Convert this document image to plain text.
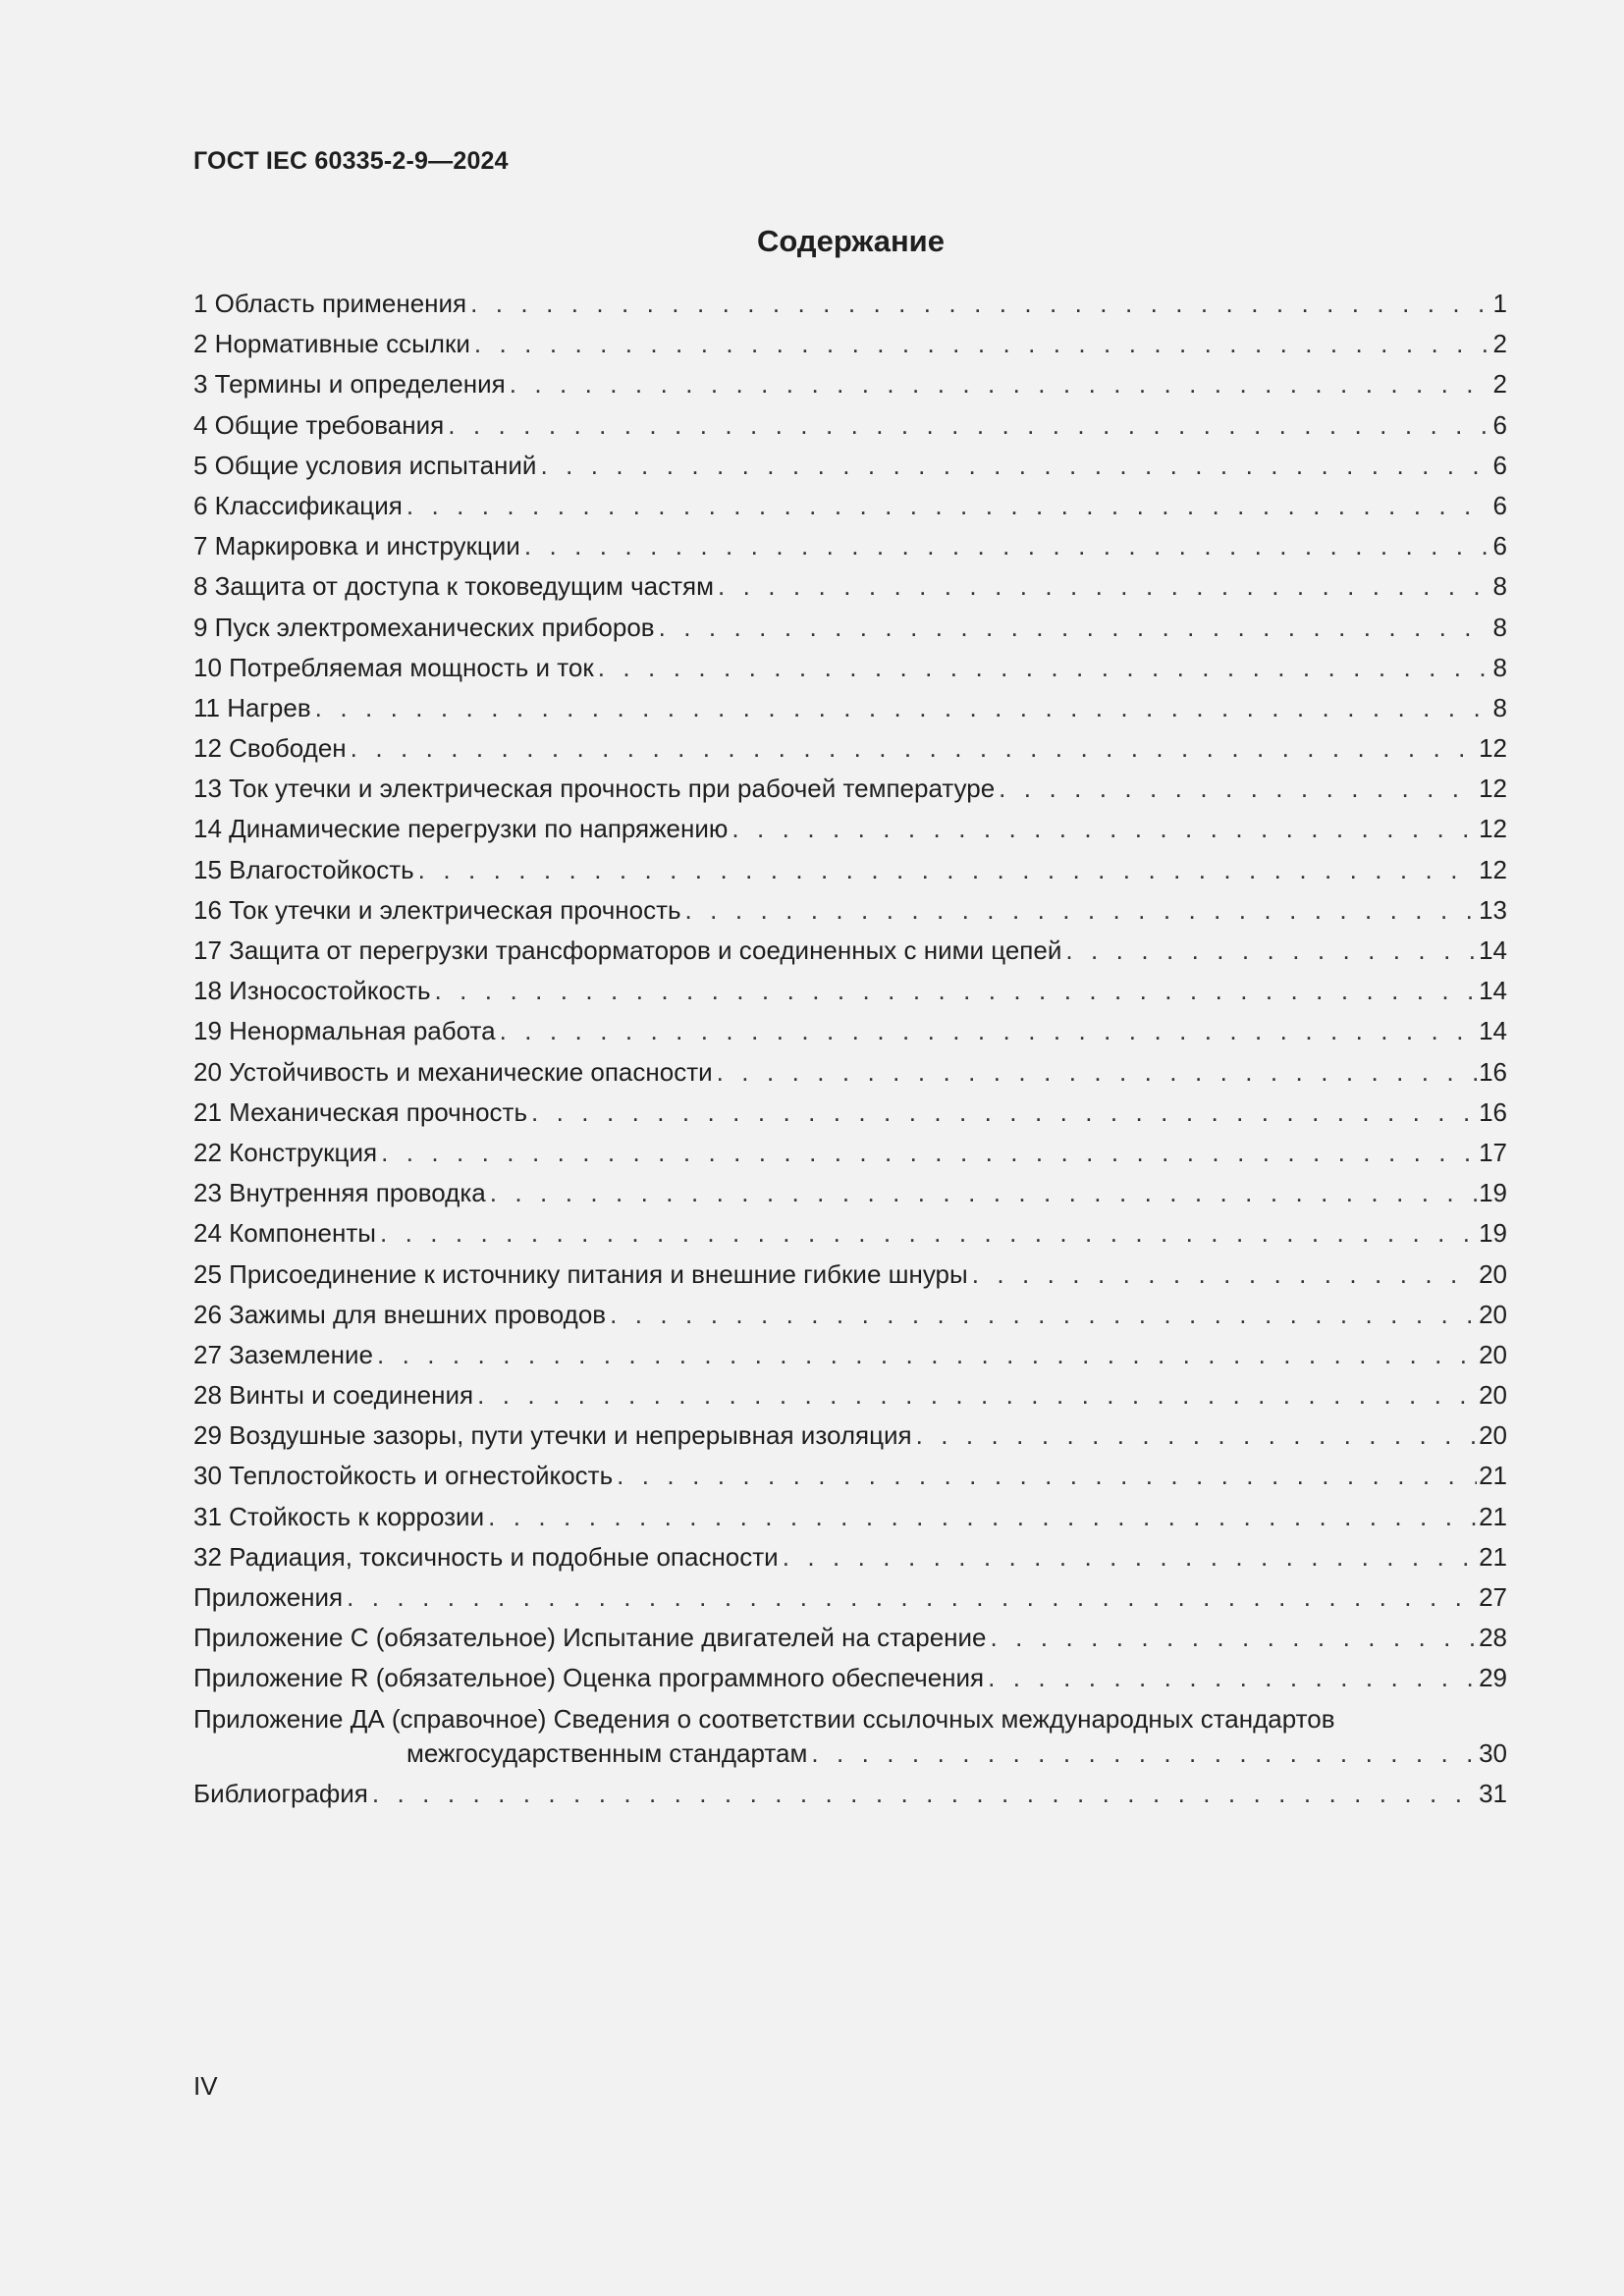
ГОСТ IEC 60335-2-9—2024
Содержание
1 Область применения . . .	1
2 Нормативные ссылки . . .	2
3 Термины и определения . . .	2
4 Общие требования . . .	6
5 Общие условия испытаний . . .	6
6 Классификация . . .	6
7 Маркировка и инструкции . . .	6
8 Защита от доступа к токоведущим частям . . .	8
9 Пуск электромеханических приборов . . .	8
10 Потребляемая мощность и ток . . .	8
11 Нагрев . . .	8
12 Свободен . . .	12
13 Ток утечки и электрическая прочность при рабочей температуре . . .	12
14 Динамические перегрузки по напряжению . . .	12
15 Влагостойкость . . .	12
16 Ток утечки и электрическая прочность . . .	13
17 Защита от перегрузки трансформаторов и соединенных с ними цепей . . .	14
18 Износостойкость . . .	14
19 Ненормальная работа . . .	14
20 Устойчивость и механические опасности . . .	16
21 Механическая прочность . . .	16
22 Конструкция . . .	17
23 Внутренняя проводка . . .	19
24 Компоненты . . .	19
25 Присоединение к источнику питания и внешние гибкие шнуры . . .	20
26 Зажимы для внешних проводов . . .	20
27 Заземление . . .	20
28 Винты и соединения . . .	20
29 Воздушные зазоры, пути утечки и непрерывная изоляция . . .	20
30 Теплостойкость и огнестойкость . . .	21
31 Стойкость к коррозии . . .	21
32 Радиация, токсичность и подобные опасности . . .	21
Приложения . . .	27
Приложение С (обязательное) Испытание двигателей на старение . . .	28
Приложение R (обязательное) Оценка программного обеспечения . . .	29
Приложение ДА (справочное) Сведения о соответствии ссылочных международных стандартов
межгосударственным стандартам . . .	30
Библиография . . .	31
IV
